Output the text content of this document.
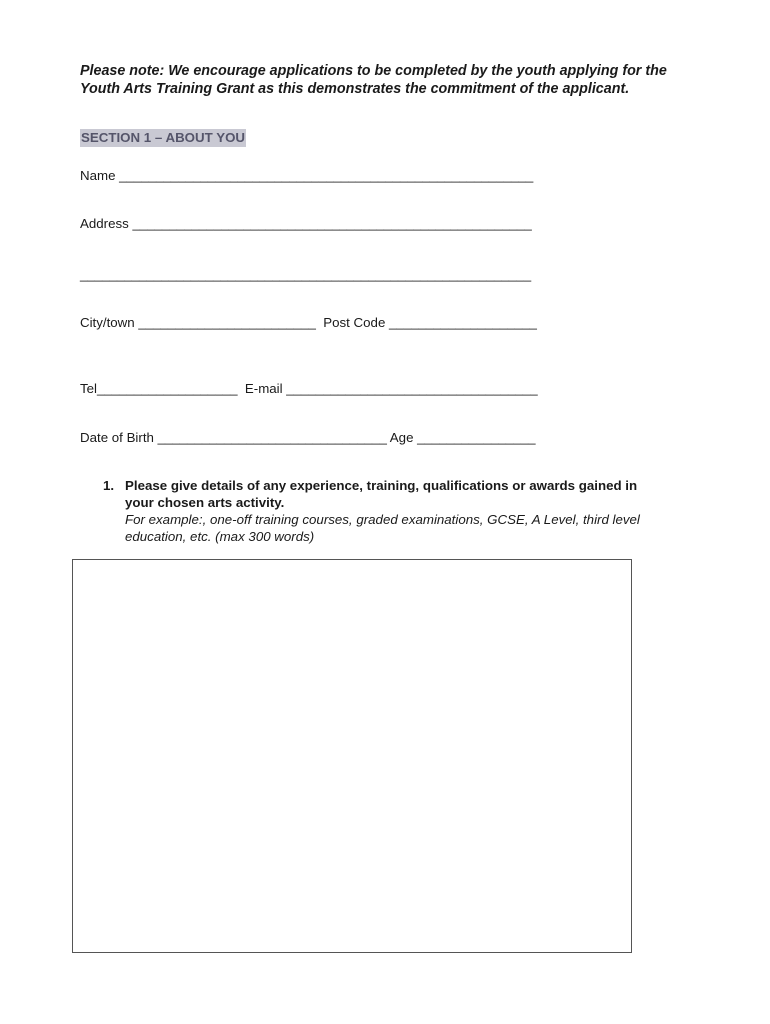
Please note: We encourage applications to be completed by the youth applying for the Youth Arts Training Grant as this demonstrates the commitment of the applicant.

SECTION 1 – ABOUT YOU

Name ________________________________________________________

Address ______________________________________________________

_____________________________________________________________

City/town ________________________  Post Code ____________________

Tel___________________  E-mail __________________________________

Date of Birth _______________________________ Age ________________

1. Please give details of any experience, training, qualifications or awards gained in your chosen arts activity.
For example:, one-off training courses, graded examinations, GCSE, A Level, third level education, etc. (max 300 words)
